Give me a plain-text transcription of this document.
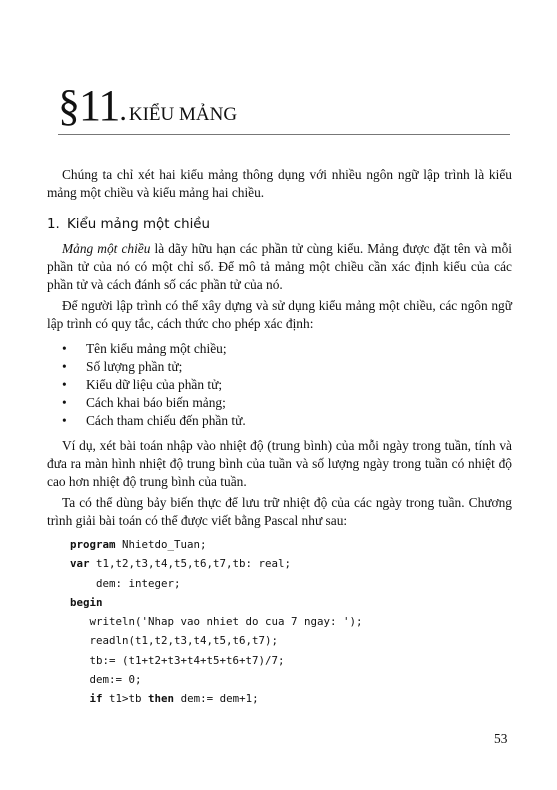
§11. KIỂU MẢNG
Chúng ta chỉ xét hai kiểu mảng thông dụng với nhiều ngôn ngữ lập trình là kiểu mảng một chiều và kiểu mảng hai chiều.
1. Kiểu mảng một chiều
Mảng một chiều là dãy hữu hạn các phần tử cùng kiểu. Mảng được đặt tên và mỗi phần tử của nó có một chỉ số. Để mô tả mảng một chiều cần xác định kiểu của các phần tử và cách đánh số các phần tử của nó.
Để người lập trình có thể xây dựng và sử dụng kiểu mảng một chiều, các ngôn ngữ lập trình có quy tắc, cách thức cho phép xác định:
• Tên kiểu mảng một chiều;
• Số lượng phần tử;
• Kiểu dữ liệu của phần tử;
• Cách khai báo biến mảng;
• Cách tham chiếu đến phần tử.
Ví dụ, xét bài toán nhập vào nhiệt độ (trung bình) của mỗi ngày trong tuần, tính và đưa ra màn hình nhiệt độ trung bình của tuần và số lượng ngày trong tuần có nhiệt độ cao hơn nhiệt độ trung bình của tuần.
Ta có thể dùng bảy biến thực để lưu trữ nhiệt độ của các ngày trong tuần. Chương trình giải bài toán có thể được viết bằng Pascal như sau:
program Nhietdo_Tuan;
var t1,t2,t3,t4,t5,t6,t7,tb: real;
dem: integer;
begin
writeln('Nhap vao nhiet do cua 7 ngay: ');
readln(t1,t2,t3,t4,t5,t6,t7);
tb:= (t1+t2+t3+t4+t5+t6+t7)/7;
dem:= 0;
if t1>tb then dem:= dem+1;
53
